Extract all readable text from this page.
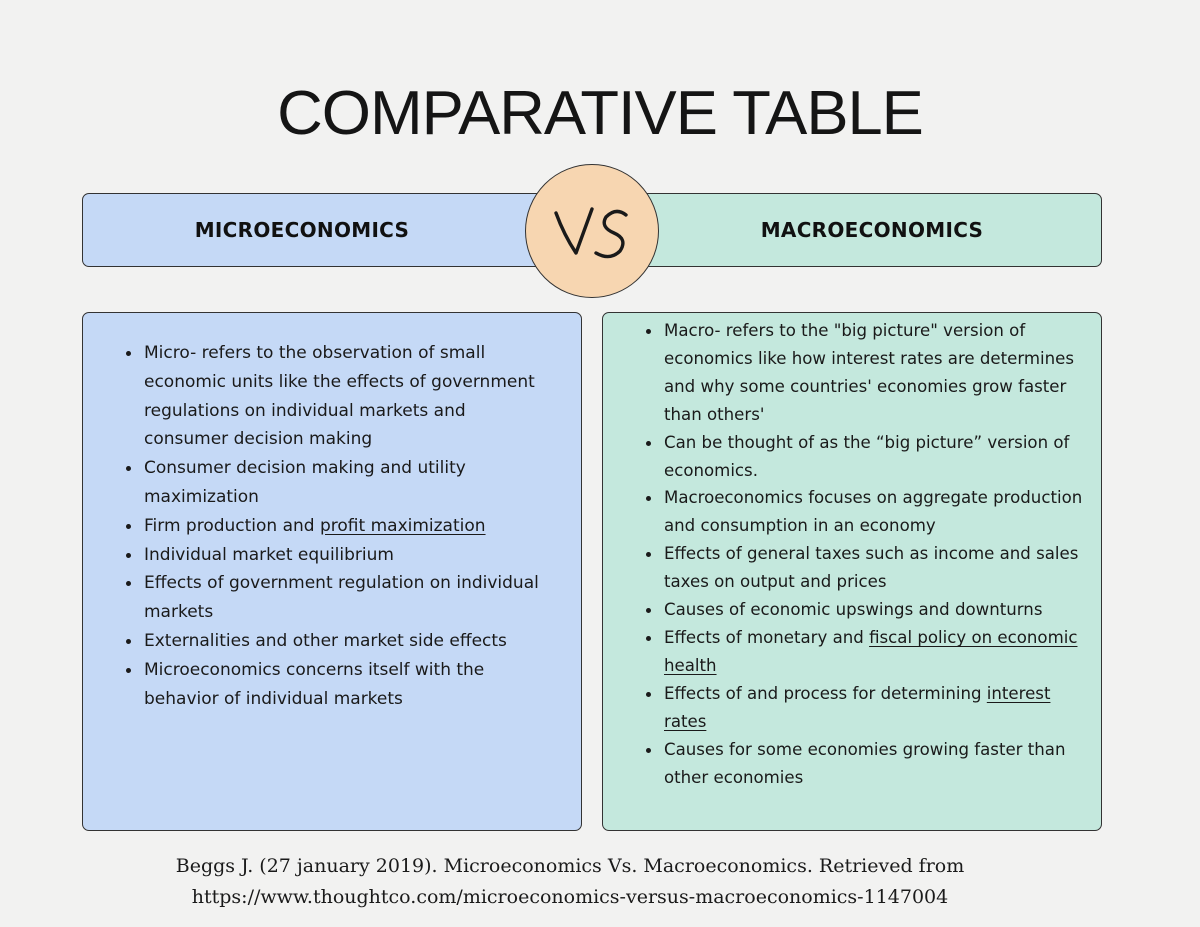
COMPARATIVE TABLE
MICROECONOMICS	MACROECONOMICS
VS
Micro- refers to the observation of small economic units like the effects of government regulations on individual markets and consumer decision making
Consumer decision making and utility maximization
Firm production and profit maximization
Individual market equilibrium
Effects of government regulation on individual markets
Externalities and other market side effects
Microeconomics concerns itself with the behavior of individual markets
Macro- refers to the "big picture" version of economics like how interest rates are determines and why some countries' economies grow faster than others'
Can be thought of as the “big picture” version of economics.
Macroeconomics focuses on aggregate production and consumption in an economy
Effects of general taxes such as income and sales taxes on output and prices
Causes of economic upswings and downturns
Effects of monetary and fiscal policy on economic health
Effects of and process for determining interest rates
Causes for some economies growing faster than other economies
Beggs J. (27 january 2019). Microeconomics Vs. Macroeconomics. Retrieved from
https://www.thoughtco.com/microeconomics-versus-macroeconomics-1147004
